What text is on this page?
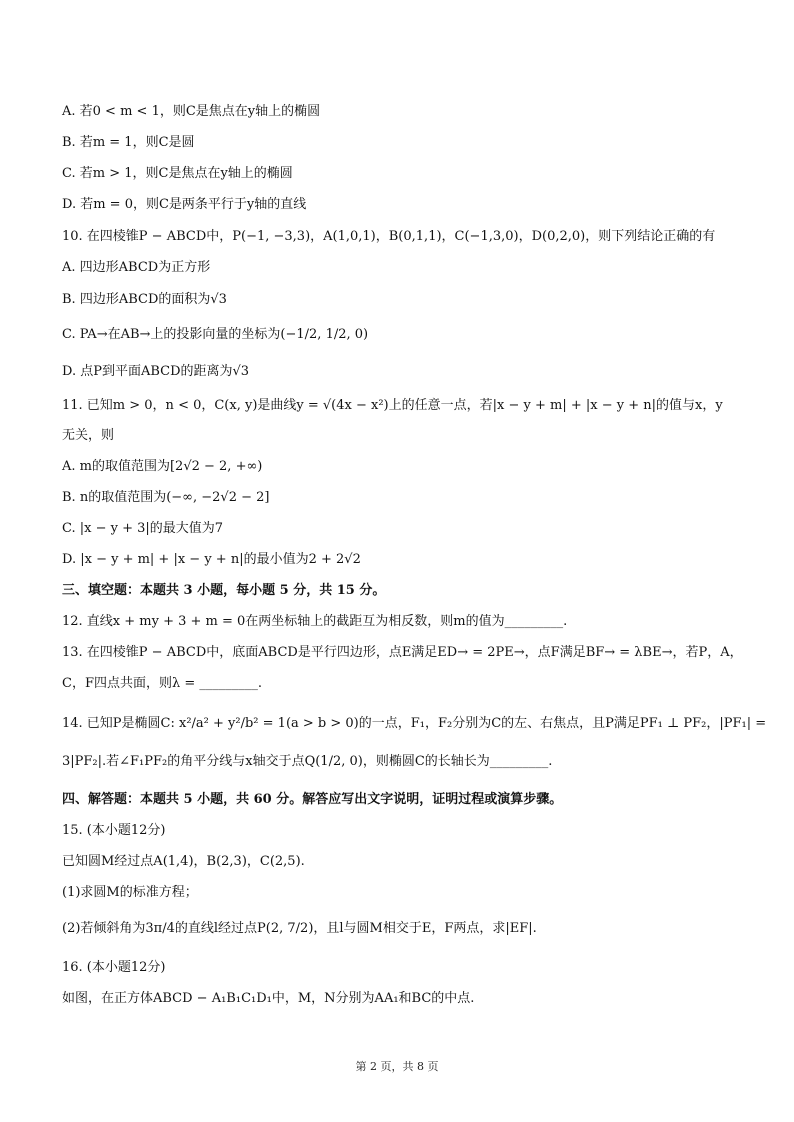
A. 若0 < m < 1，则C是焦点在y轴上的椭圆
B. 若m = 1，则C是圆
C. 若m > 1，则C是焦点在y轴上的椭圆
D. 若m = 0，则C是两条平行于y轴的直线
10. 在四棱锥P − ABCD中，P(−1, −3,3)，A(1,0,1)，B(0,1,1)，C(−1,3,0)，D(0,2,0)，则下列结论正确的有
A. 四边形ABCD为正方形
B. 四边形ABCD的面积为√3
C. PA→在AB→上的投影向量的坐标为(−1/2, 1/2, 0)
D. 点P到平面ABCD的距离为√3
11. 已知m > 0，n < 0，C(x, y)是曲线y = √(4x − x²)上的任意一点，若|x − y + m| + |x − y + n|的值与x，y
无关，则
A. m的取值范围为[2√2 − 2, +∞)
B. n的取值范围为(−∞, −2√2 − 2]
C. |x − y + 3|的最大值为7
D. |x − y + m| + |x − y + n|的最小值为2 + 2√2
三、填空题：本题共 3 小题，每小题 5 分，共 15 分。
12. 直线x + my + 3 + m = 0在两坐标轴上的截距互为相反数，则m的值为_________.
13. 在四棱锥P − ABCD中，底面ABCD是平行四边形，点E满足ED→ = 2PE→，点F满足BF→ = λBE→，若P，A，
C，F四点共面，则λ = _________.
14. 已知P是椭圆C: x²/a² + y²/b² = 1(a > b > 0)的一点，F₁，F₂分别为C的左、右焦点，且P满足PF₁ ⊥ PF₂，|PF₁| =
3|PF₂|.若∠F₁PF₂的角平分线与x轴交于点Q(1/2, 0)，则椭圆C的长轴长为_________.
四、解答题：本题共 5 小题，共 60 分。解答应写出文字说明，证明过程或演算步骤。
15. (本小题12分)
已知圆M经过点A(1,4)，B(2,3)，C(2,5).
(1)求圆M的标准方程；
(2)若倾斜角为3π/4的直线l经过点P(2, 7/2)，且l与圆M相交于E，F两点，求|EF|.
16. (本小题12分)
如图，在正方体ABCD − A₁B₁C₁D₁中，M，N分别为AA₁和BC的中点.
第 2 页，共 8 页
